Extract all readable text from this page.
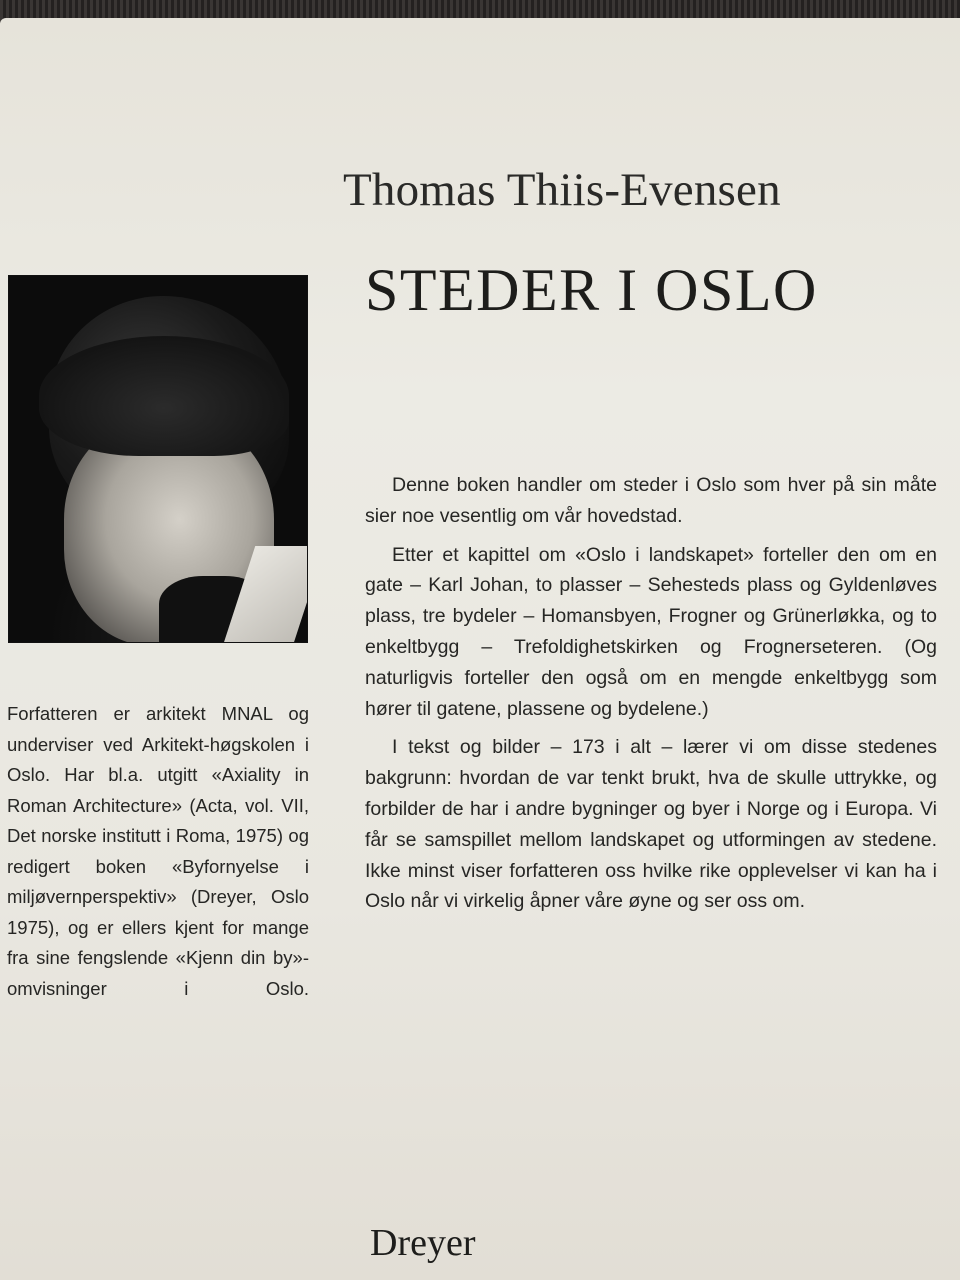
Thomas Thiis-Evensen
STEDER I OSLO
Forfatteren er arkitekt MNAL og underviser ved Arkitekt-høgskolen i Oslo. Har bl.a. utgitt «Axiality in Roman Architecture» (Acta, vol. VII, Det norske institutt i Roma, 1975) og redigert boken «Byfornyelse i miljøvernperspektiv» (Dreyer, Oslo 1975), og er ellers kjent for mange fra sine fengslende «Kjenn din by»-omvisninger i Oslo.

Denne boken handler om steder i Oslo som hver på sin måte sier noe vesentlig om vår hovedstad.

Etter et kapittel om «Oslo i landskapet» forteller den om en gate – Karl Johan, to plasser – Sehesteds plass og Gyldenløves plass, tre bydeler – Homansbyen, Frogner og Grünerløkka, og to enkeltbygg – Trefoldighetskirken og Frognerseteren. (Og naturligvis forteller den også om en mengde enkeltbygg som hører til gatene, plassene og bydelene.)

I tekst og bilder – 173 i alt – lærer vi om disse stedenes bakgrunn: hvordan de var tenkt brukt, hva de skulle uttrykke, og forbilder de har i andre bygninger og byer i Norge og i Europa. Vi får se samspillet mellom landskapet og utformingen av stedene. Ikke minst viser forfatteren oss hvilke rike opplevelser vi kan ha i Oslo når vi virkelig åpner våre øyne og ser oss om.

Dreyer
